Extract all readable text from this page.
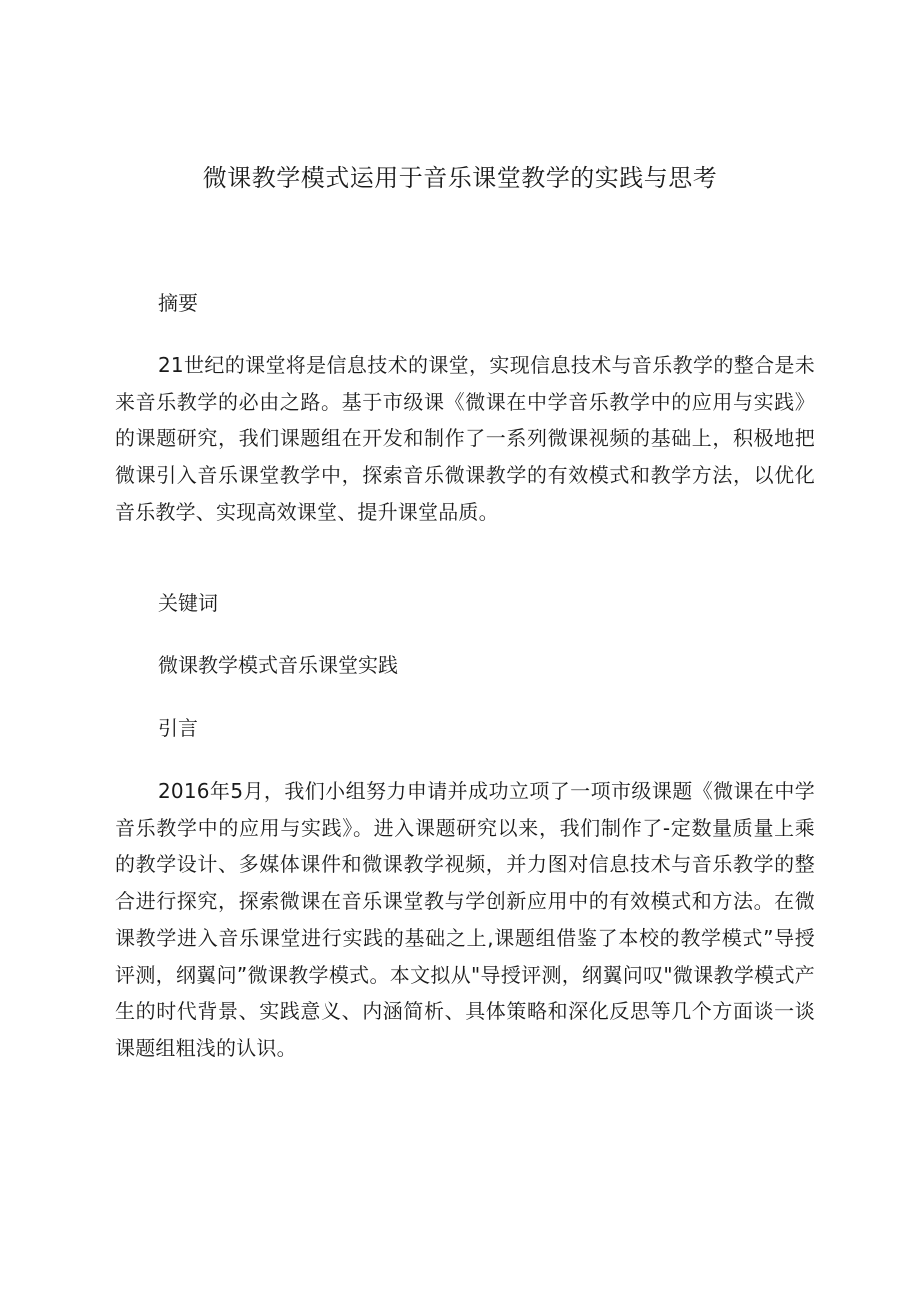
微课教学模式运用于音乐课堂教学的实践与思考

摘要

21世纪的课堂将是信息技术的课堂，实现信息技术与音乐教学的整合是未来音乐教学的必由之路。基于市级课《微课在中学音乐教学中的应用与实践》的课题研究，我们课题组在开发和制作了一系列微课视频的基础上，积极地把微课引入音乐课堂教学中，探索音乐微课教学的有效模式和教学方法，以优化音乐教学、实现高效课堂、提升课堂品质。

关键词

微课教学模式音乐课堂实践

引言

2016年5月，我们小组努力申请并成功立项了一项市级课题《微课在中学音乐教学中的应用与实践》。进入课题研究以来，我们制作了-定数量质量上乘的教学设计、多媒体课件和微课教学视频，并力图对信息技术与音乐教学的整合进行探究，探索微课在音乐课堂教与学创新应用中的有效模式和方法。在微课教学进入音乐课堂进行实践的基础之上,课题组借鉴了本校的教学模式”导授评测，纲翼问”微课教学模式。本文拟从"导授评测，纲翼问叹"微课教学模式产生的时代背景、实践意义、内涵简析、具体策略和深化反思等几个方面谈一谈课题组粗浅的认识。
